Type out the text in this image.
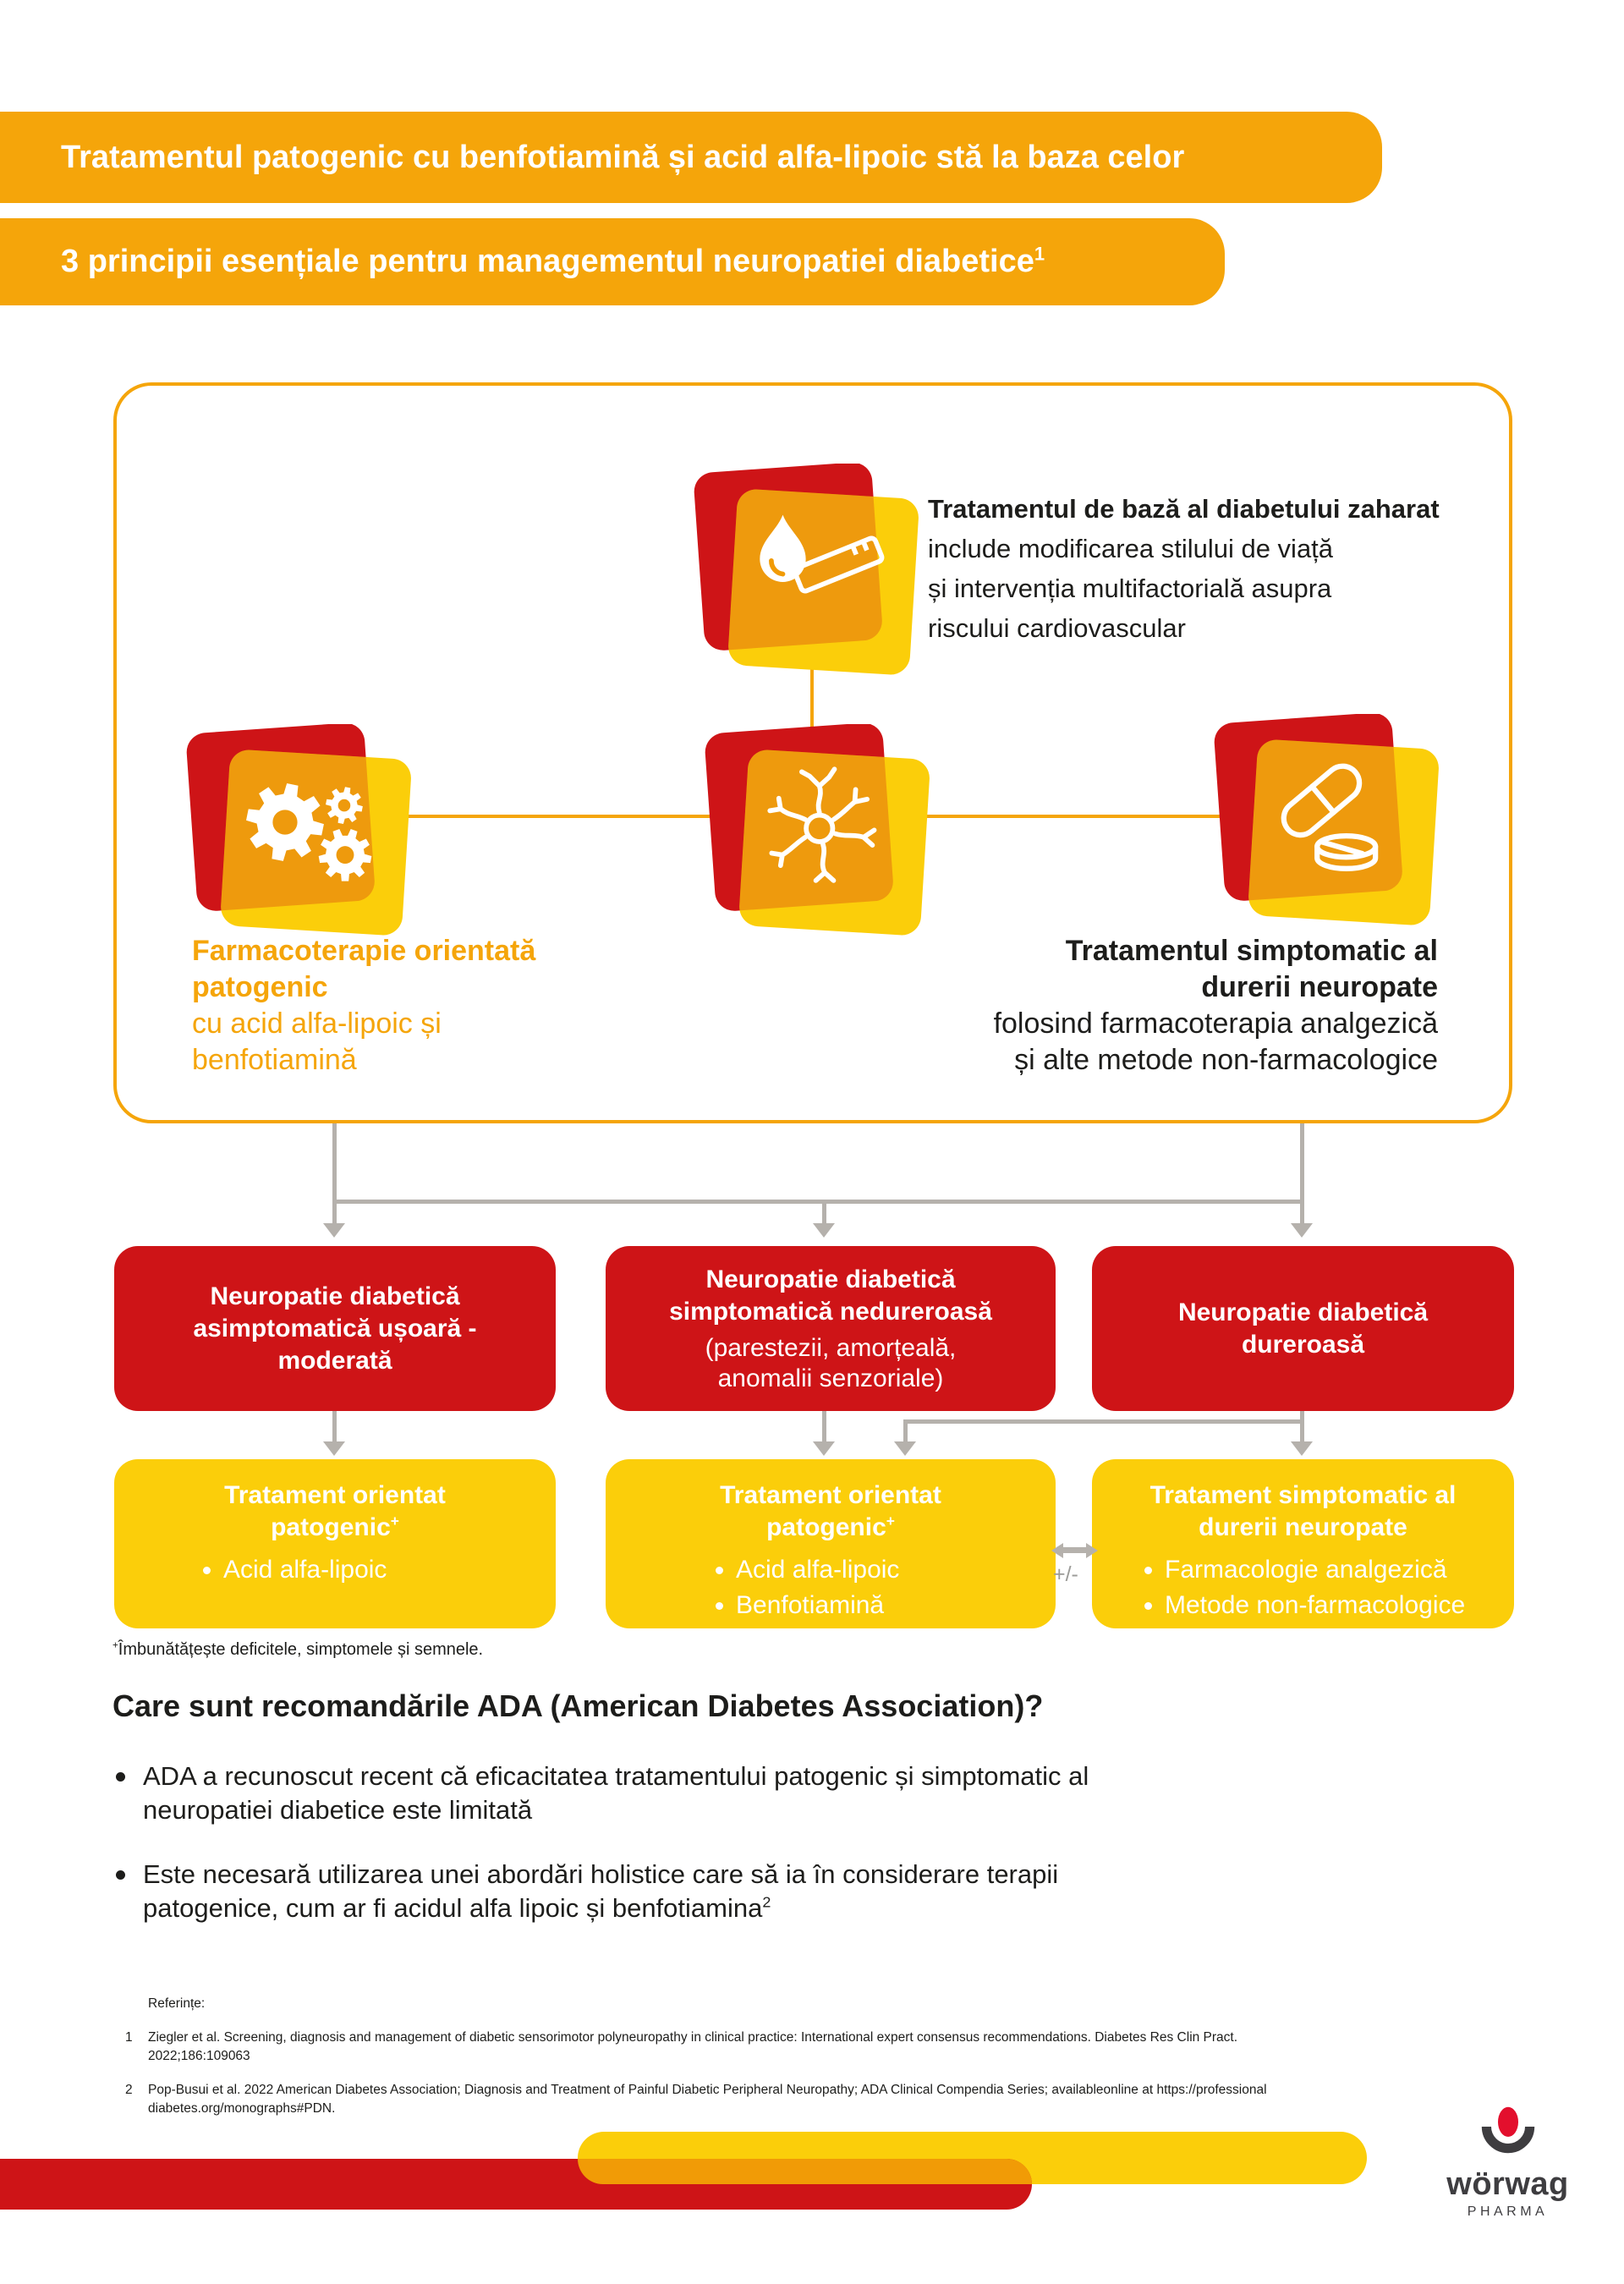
Tratamentul patogenic cu benfotiamină și acid alfa-lipoic stă la baza celor
3 principii esențiale pentru managementul neuropatiei diabetice$^1$
Tratamentul de bază al diabetului zaharat
include modificarea stilului de viață
și intervenția multifactorială asupra
riscului cardiovascular
Farmacoterapie orientată
patogenic
cu acid alfa-lipoic și
benfotiamină
Tratamentul simptomatic al
durerii neuropate
folosind farmacoterapia analgezică
și alte metode non-farmacologice
Neuropatie diabetică
asimptomatică ușoară -
moderată
Neuropatie diabetică
simptomatică nedureroasă
(parestezii, amorțeală,
anomalii senzoriale)
Neuropatie diabetică
dureroasă
Tratament orientat
patogenic+
Acid alfa-lipoic
Tratament orientat
patogenic+
Acid alfa-lipoic
Benfotiamină
Tratament simptomatic al
durerii neuropate
Farmacologie analgezică
Metode non-farmacologice
+/-
+Îmbunătățește deficitele, simptomele și semnele.
Care sunt recomandările ADA (American Diabetes Association)?
ADA a recunoscut recent că eficacitatea tratamentului patogenic și simptomatic al
neuropatiei diabetice este limitată
Este necesară utilizarea unei abordări holistice care să ia în considerare terapii
patogenice, cum ar fi acidul alfa lipoic și benfotiamina$^2$
Referințe:
1	Ziegler et al. Screening, diagnosis and management of diabetic sensorimotor polyneuropathy in clinical practice: International expert consensus recommendations. Diabetes Res Clin Pract.
2022;186:109063
2	Pop-Busui et al. 2022 American Diabetes Association; Diagnosis and Treatment of Painful Diabetic Peripheral Neuropathy; ADA Clinical Compendia Series; availableonline at https://professional
diabetes.org/monographs#PDN.
wörwag
PHARMA
